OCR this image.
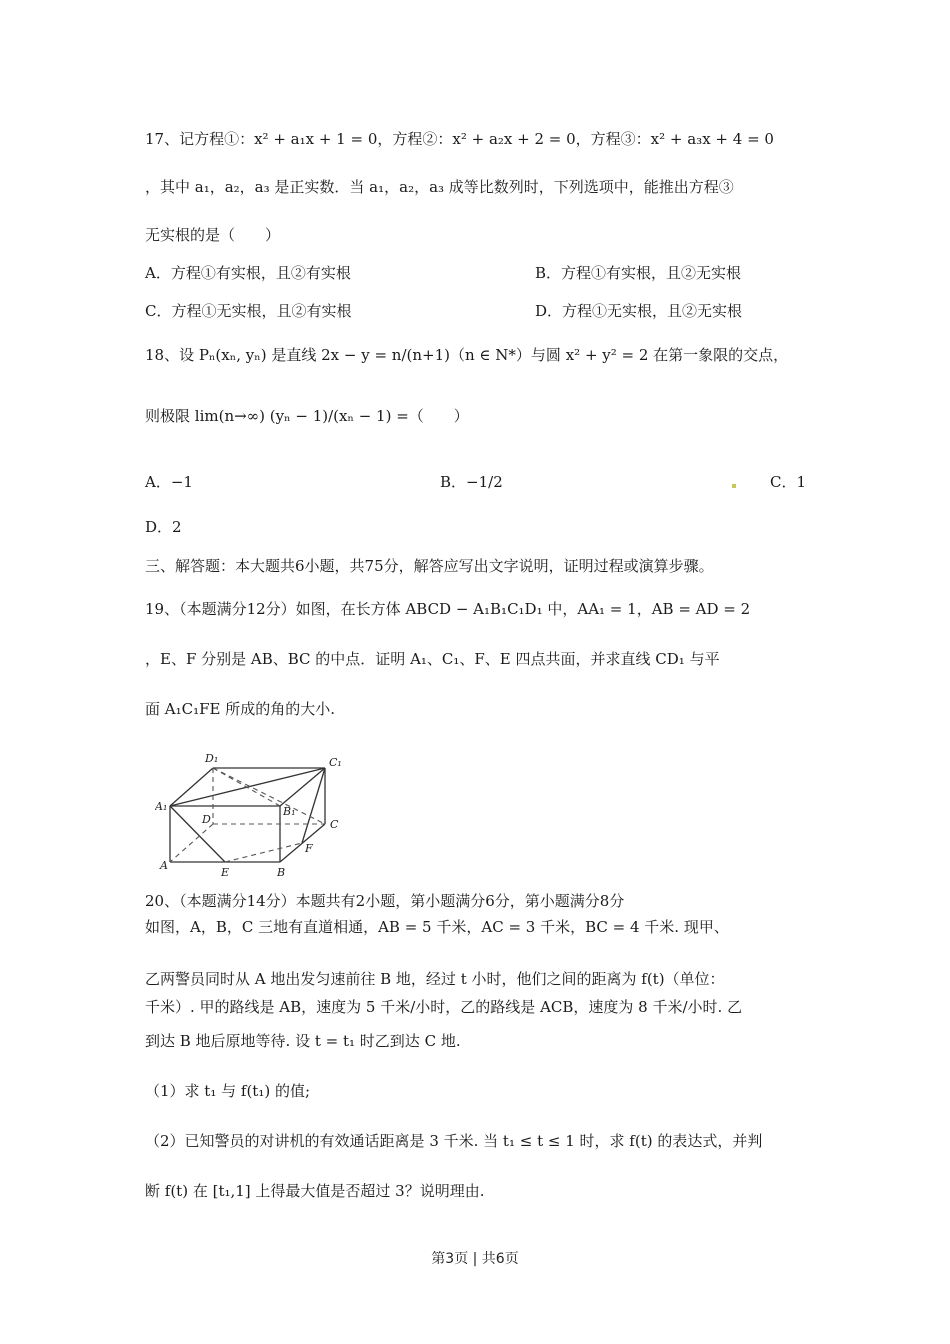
17、记方程①：x² + a₁x + 1 = 0，方程②：x² + a₂x + 2 = 0，方程③：x² + a₃x + 4 = 0
，其中 a₁，a₂，a₃ 是正实数．当 a₁，a₂，a₃ 成等比数列时，下列选项中，能推出方程③
无实根的是（　　）
A．方程①有实根，且②有实根	B．方程①有实根，且②无实根
C．方程①无实根，且②有实根	D．方程①无实根，且②无实根
18、设 Pₙ(xₙ, yₙ) 是直线 2x − y = n/(n+1)（n ∈ N*）与圆 x² + y² = 2 在第一象限的交点，
则极限 lim(n→∞) (yₙ − 1)/(xₙ − 1) =（　　）
A．−1	B．−1/2	C．1
D．2
三、解答题：本大题共6小题，共75分，解答应写出文字说明，证明过程或演算步骤。
19、（本题满分12分）如图，在长方体 ABCD − A₁B₁C₁D₁ 中，AA₁ = 1，AB = AD = 2
，E、F 分别是 AB、BC 的中点．证明 A₁、C₁、F、E 四点共面，并求直线 CD₁ 与平
面 A₁C₁FE 所成的角的大小.
D₁	C₁
A₁	B₁
D	C
A
B
E
F
20、（本题满分14分）本题共有2小题，第小题满分6分，第小题满分8分
如图，A，B，C 三地有直道相通，AB = 5 千米，AC = 3 千米，BC = 4 千米. 现甲、
乙两警员同时从 A 地出发匀速前往 B 地，经过 t 小时，他们之间的距离为 f(t)（单位：
千米）. 甲的路线是 AB，速度为 5 千米/小时，乙的路线是 ACB，速度为 8 千米/小时. 乙
到达 B 地后原地等待. 设 t = t₁ 时乙到达 C 地.
（1）求 t₁ 与 f(t₁) 的值;
（2）已知警员的对讲机的有效通话距离是 3 千米. 当 t₁ ≤ t ≤ 1 时，求 f(t) 的表达式，并判
断 f(t) 在 [t₁,1] 上得最大值是否超过 3？说明理由.
第3页 | 共6页
